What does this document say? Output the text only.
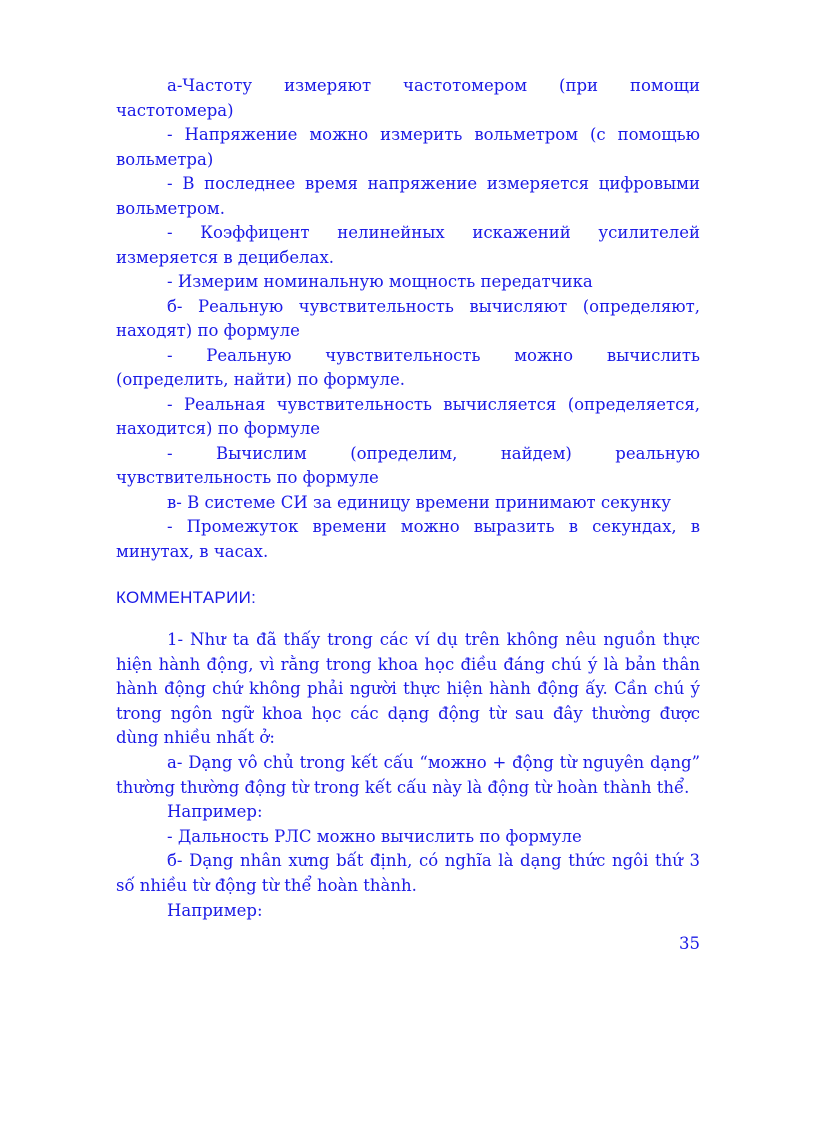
а-Частоту измеряют частотомером (при помощи частотомера)

- Напряжение можно измерить вольметром (с помощью вольметра)

- В последнее время напряжение измеряется цифровыми вольметром.

- Коэффицент нелинейных искажений усилителей измеряется в децибелах.

- Измерим номинальную мощность передатчика

б- Реальную чувствительность вычисляют (определяют, находят) по формуле

- Реальную чувствительность можно вычислить (определить, найти) по формуле.

- Реальная чувствительность вычисляется (определяется, находится) по формуле

- Вычислим (определим, найдем) реальную чувствительность по формуле

в- В системе СИ за единицу времени принимают секунку

- Промежуток времени можно выразить в секундах, в минутах, в часах.

КОММЕНТАРИИ:

1- Như ta đã thấy trong các ví dụ trên không nêu nguồn thực hiện hành động, vì rằng trong khoa học điều đáng chú ý là bản thân hành động chứ không phải người thực hiện hành động ấy. Cần chú ý trong ngôn ngữ khoa học các dạng động từ sau đây thường được dùng nhiều nhất ở:

a- Dạng vô chủ trong kết cấu “можно + động từ nguyên dạng” thường thường động từ trong kết cấu này là động từ hoàn thành thể.

Например:

- Дальность РЛС можно вычислить по формуле

б- Dạng nhân xưng bất định, có nghĩa là dạng thức ngôi thứ 3 số nhiều từ động từ thể hoàn thành.

Например:

35
